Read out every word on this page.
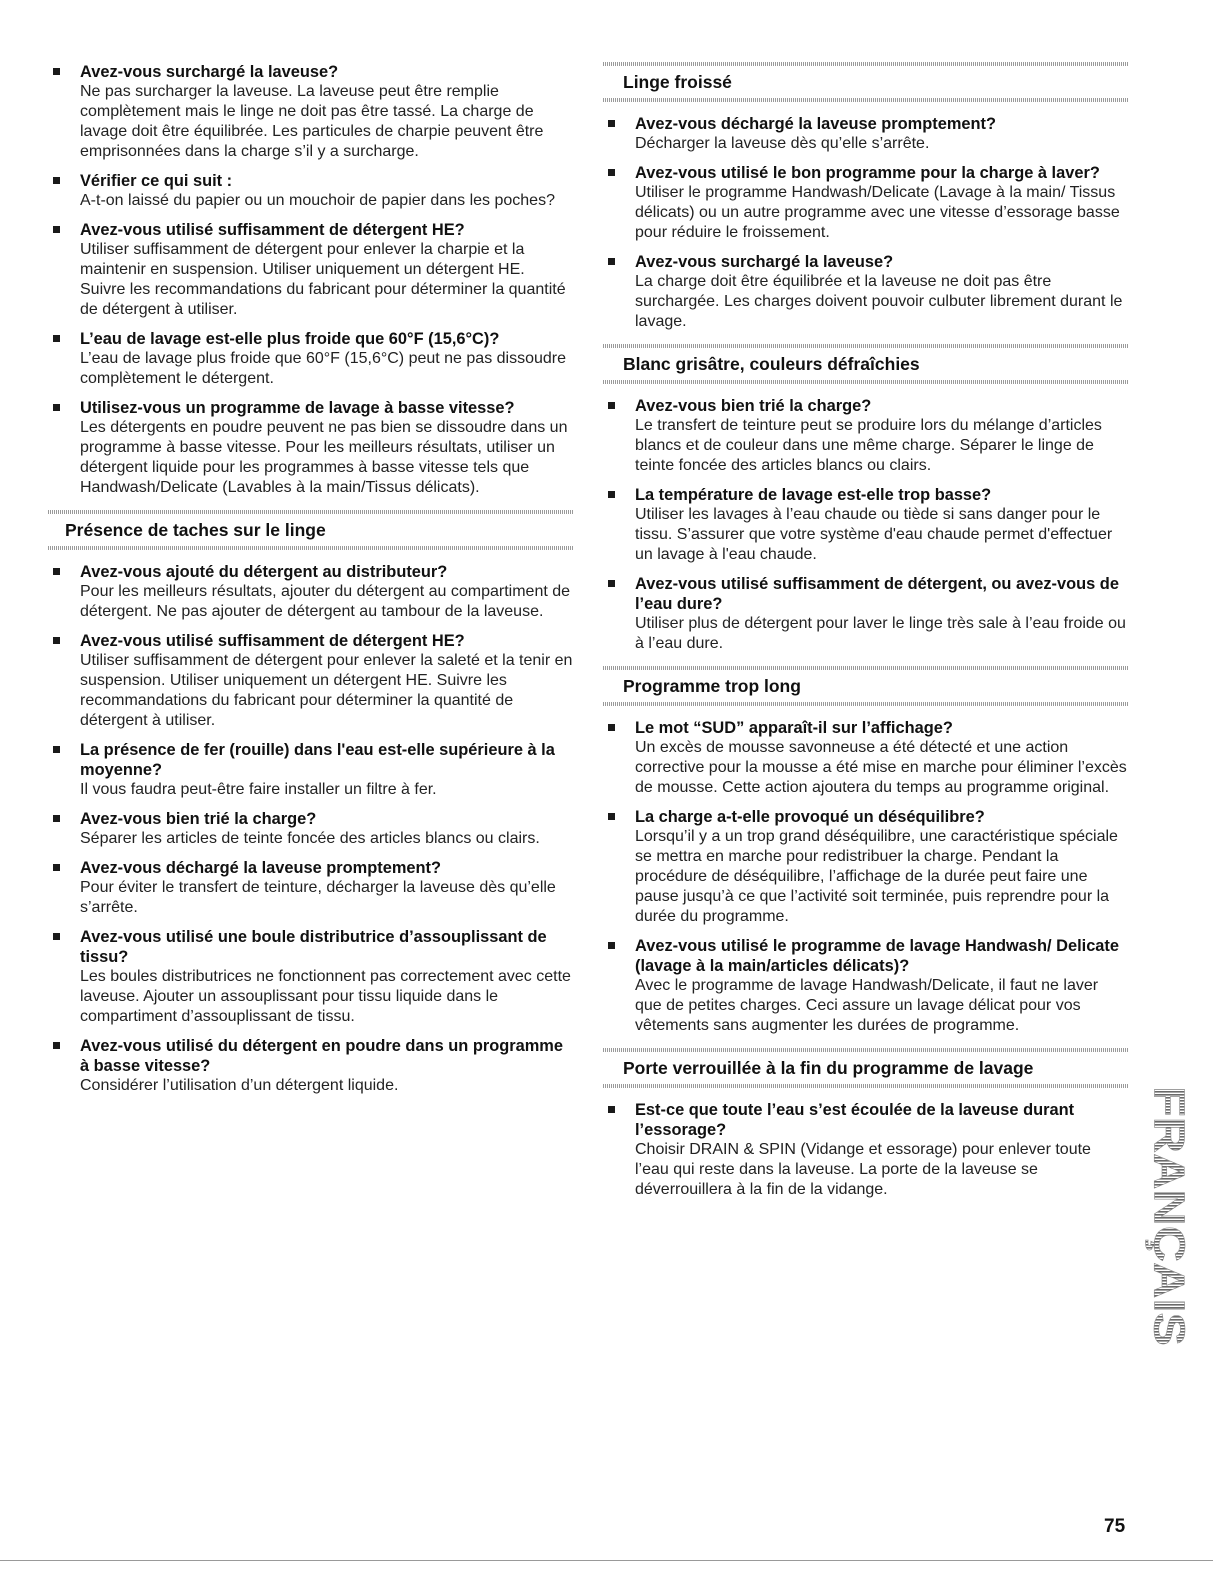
Avez-vous surchargé la laveuse?
Ne pas surcharger la laveuse. La laveuse peut être remplie complètement mais le linge ne doit pas être tassé. La charge de lavage doit être équilibrée. Les particules de charpie peuvent être emprisonnées dans la charge s’il y a surcharge.
Vérifier ce qui suit :
A-t-on laissé du papier ou un mouchoir de papier dans les poches?
Avez-vous utilisé suffisamment de détergent HE?
Utiliser suffisamment de détergent pour enlever la charpie et la maintenir en suspension. Utiliser uniquement un détergent HE. Suivre les recommandations du fabricant pour déterminer la quantité de détergent à utiliser.
L’eau de lavage est-elle plus froide que 60°F (15,6°C)?
L’eau de lavage plus froide que 60°F (15,6°C) peut ne pas dissoudre complètement le détergent.
Utilisez-vous un programme de lavage à basse vitesse?
Les détergents en poudre peuvent ne pas bien se dissoudre dans un programme à basse vitesse. Pour les meilleurs résultats, utiliser un détergent liquide pour les programmes à basse vitesse tels que Handwash/Delicate (Lavables à la main/Tissus délicats).
Présence de taches sur le linge
Avez-vous ajouté du détergent au distributeur?
Pour les meilleurs résultats, ajouter du détergent au compartiment de détergent. Ne pas ajouter de détergent au tambour de la laveuse.
Avez-vous utilisé suffisamment de détergent HE?
Utiliser suffisamment de détergent pour enlever la saleté et la tenir en suspension. Utiliser uniquement un détergent HE. Suivre les recommandations du fabricant pour déterminer la quantité de détergent à utiliser.
La présence de fer (rouille) dans l'eau est-elle supérieure à la moyenne?
Il vous faudra peut-être faire installer un filtre à fer.
Avez-vous bien trié la charge?
Séparer les articles de teinte foncée des articles blancs ou clairs.
Avez-vous déchargé la laveuse promptement?
Pour éviter le transfert de teinture, décharger la laveuse dès qu’elle s’arrête.
Avez-vous utilisé une boule distributrice d’assouplissant de tissu?
Les boules distributrices ne fonctionnent pas correctement avec cette laveuse. Ajouter un assouplissant pour tissu liquide dans le compartiment d’assouplissant de tissu.
Avez-vous utilisé du détergent en poudre dans un programme à basse vitesse?
Considérer l’utilisation d’un détergent liquide.
Linge froissé
Avez-vous déchargé la laveuse promptement?
Décharger la laveuse dès qu’elle s’arrête.
Avez-vous utilisé le bon programme pour la charge à laver?
Utiliser le programme Handwash/Delicate (Lavage à la main/ Tissus délicats) ou un autre programme avec une vitesse d’essorage basse pour réduire le froissement.
Avez-vous surchargé la laveuse?
La charge doit être équilibrée et la laveuse ne doit pas être surchargée. Les charges doivent pouvoir culbuter librement durant le lavage.
Blanc grisâtre, couleurs défraîchies
Avez-vous bien trié la charge?
Le transfert de teinture peut se produire lors du mélange d’articles blancs et de couleur dans une même charge. Séparer le linge de teinte foncée des articles blancs ou clairs.
La température de lavage est-elle trop basse?
Utiliser les lavages à l’eau chaude ou tiède si sans danger pour le tissu. S’assurer que votre système d'eau chaude permet d'effectuer un lavage à l'eau chaude.
Avez-vous utilisé suffisamment de détergent, ou avez-vous de l’eau dure?
Utiliser plus de détergent pour laver le linge très sale à l’eau froide ou à l’eau dure.
Programme trop long
Le mot “SUD” apparaît-il sur l’affichage?
Un excès de mousse savonneuse a été détecté et une action corrective pour la mousse a été mise en marche pour éliminer l’excès de mousse. Cette action ajoutera du temps au programme original.
La charge a-t-elle provoqué un déséquilibre?
Lorsqu’il y a un trop grand déséquilibre, une caractéristique spéciale se mettra en marche pour redistribuer la charge. Pendant la procédure de déséquilibre, l’affichage de la durée peut faire une pause jusqu’à ce que l’activité soit terminée, puis reprendre pour la durée du programme.
Avez-vous utilisé le programme de lavage Handwash/ Delicate (lavage à la main/articles délicats)?
Avec le programme de lavage Handwash/Delicate, il faut ne laver que de petites charges. Ceci assure un lavage délicat pour vos vêtements sans augmenter les durées de programme.
Porte verrouillée à la fin du programme de lavage
Est-ce que toute l’eau s’est écoulée de la laveuse durant l’essorage?
Choisir DRAIN & SPIN (Vidange et essorage) pour enlever toute l’eau qui reste dans la laveuse. La porte de la laveuse se déverrouillera à la fin de la vidange.	FRANÇAIS
75
